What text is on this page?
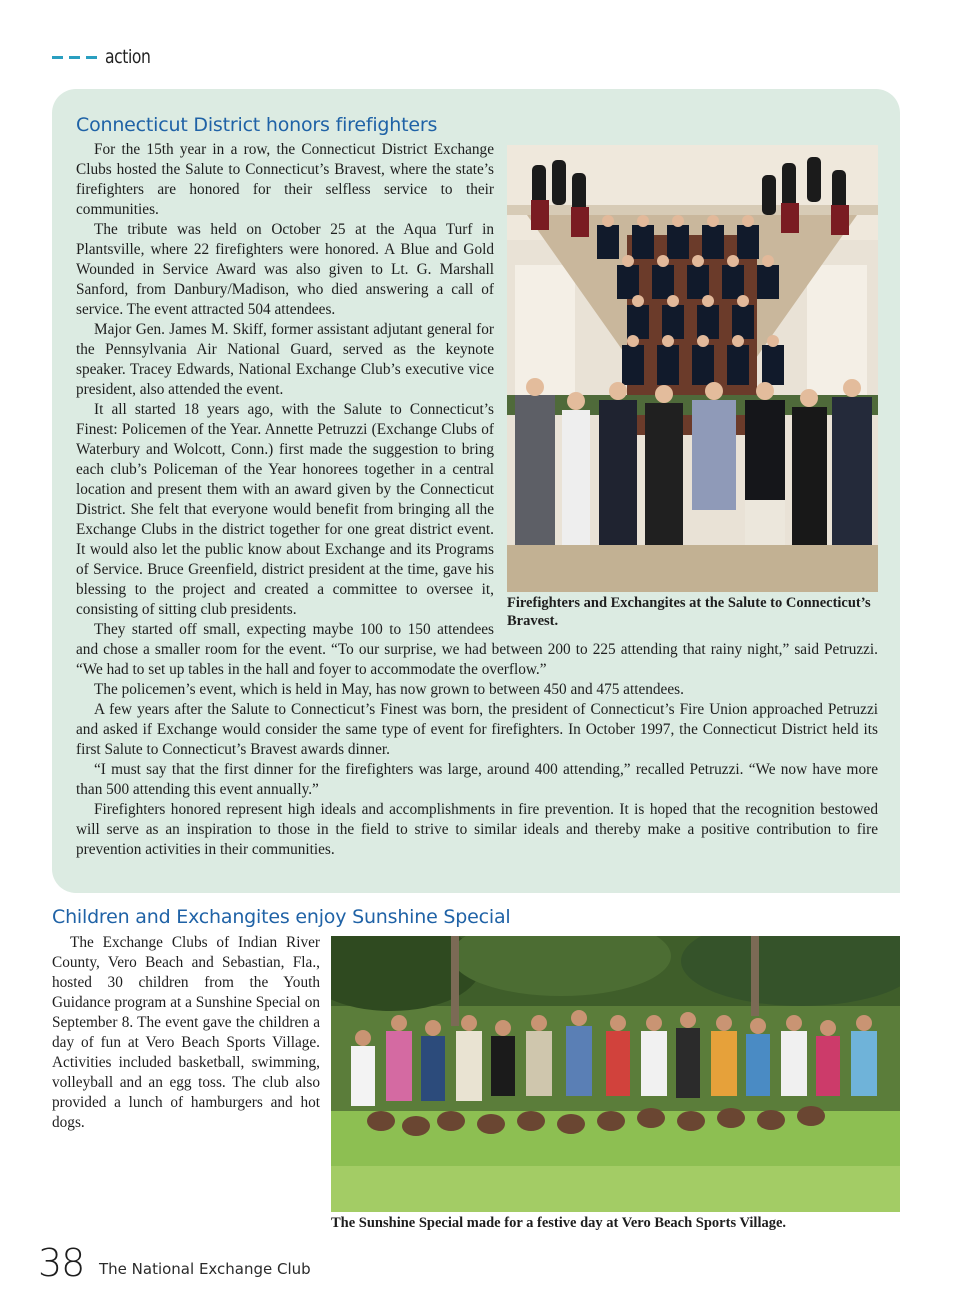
action
Connecticut District honors firefighters

Firefighters and Exchangites at the Salute to Connecticut’s Bravest.

For the 15th year in a row, the Connecticut District Exchange Clubs hosted the Salute to Connecticut’s Bravest, where the state’s firefighters are honored for their selfless service to their communities.

The tribute was held on October 25 at the Aqua Turf in Plantsville, where 22 firefighters were honored. A Blue and Gold Wounded in Service Award was also given to Lt. G. Marshall Sanford, from Danbury/Madison, who died answering a call of service. The event attracted 504 attendees.

Major Gen. James M. Skiff, former assistant adjutant general for the Pennsylvania Air National Guard, served as the keynote speaker. Tracey Edwards, National Exchange Club’s executive vice president, also attended the event.

It all started 18 years ago, with the Salute to Connecticut’s Finest: Policemen of the Year. Annette Petruzzi (Exchange Clubs of Waterbury and Wolcott, Conn.) first made the suggestion to bring each club’s Policeman of the Year honorees together in a central location and present them with an award given by the Connecticut District. She felt that everyone would benefit from bringing all the Exchange Clubs in the district together for one great district event. It would also let the public know about Exchange and its Programs of Service. Bruce Greenfield, district president at the time, gave his blessing to the project and created a committee to oversee it, consisting of sitting club presidents.

They started off small, expecting maybe 100 to 150 attendees and chose a smaller room for the event. “To our surprise, we had between 200 to 225 attending that rainy night,” said Petruzzi. “We had to set up tables in the hall and foyer to accommodate the overflow.”

The policemen’s event, which is held in May, has now grown to between 450 and 475 attendees.

A few years after the Salute to Connecticut’s Finest was born, the president of Connecticut’s Fire Union approached Petruzzi and asked if Exchange would consider the same type of event for firefighters. In October 1997, the Connecticut District held its first Salute to Connecticut’s Bravest awards dinner.

“I must say that the first dinner for the firefighters was large, around 400 attending,” recalled Petruzzi. “We now have more than 500 attending this event annually.”

Firefighters honored represent high ideals and accomplishments in fire prevention. It is hoped that the recognition bestowed will serve as an inspiration to those in the field to strive to similar ideals and thereby make a positive contribution to fire prevention activities in their communities.

Children and Exchangites enjoy Sunshine Special

The Exchange Clubs of Indian River County, Vero Beach and Sebastian, Fla., hosted 30 children from the Youth Guidance program at a Sunshine Special on September 8. The event gave the children a day of fun at Vero Beach Sports Village. Activities included basketball, swimming, volleyball and an egg toss. The club also provided a lunch of hamburgers and hot dogs.

The Sunshine Special made for a festive day at Vero Beach Sports Village.

38 The National Exchange Club
